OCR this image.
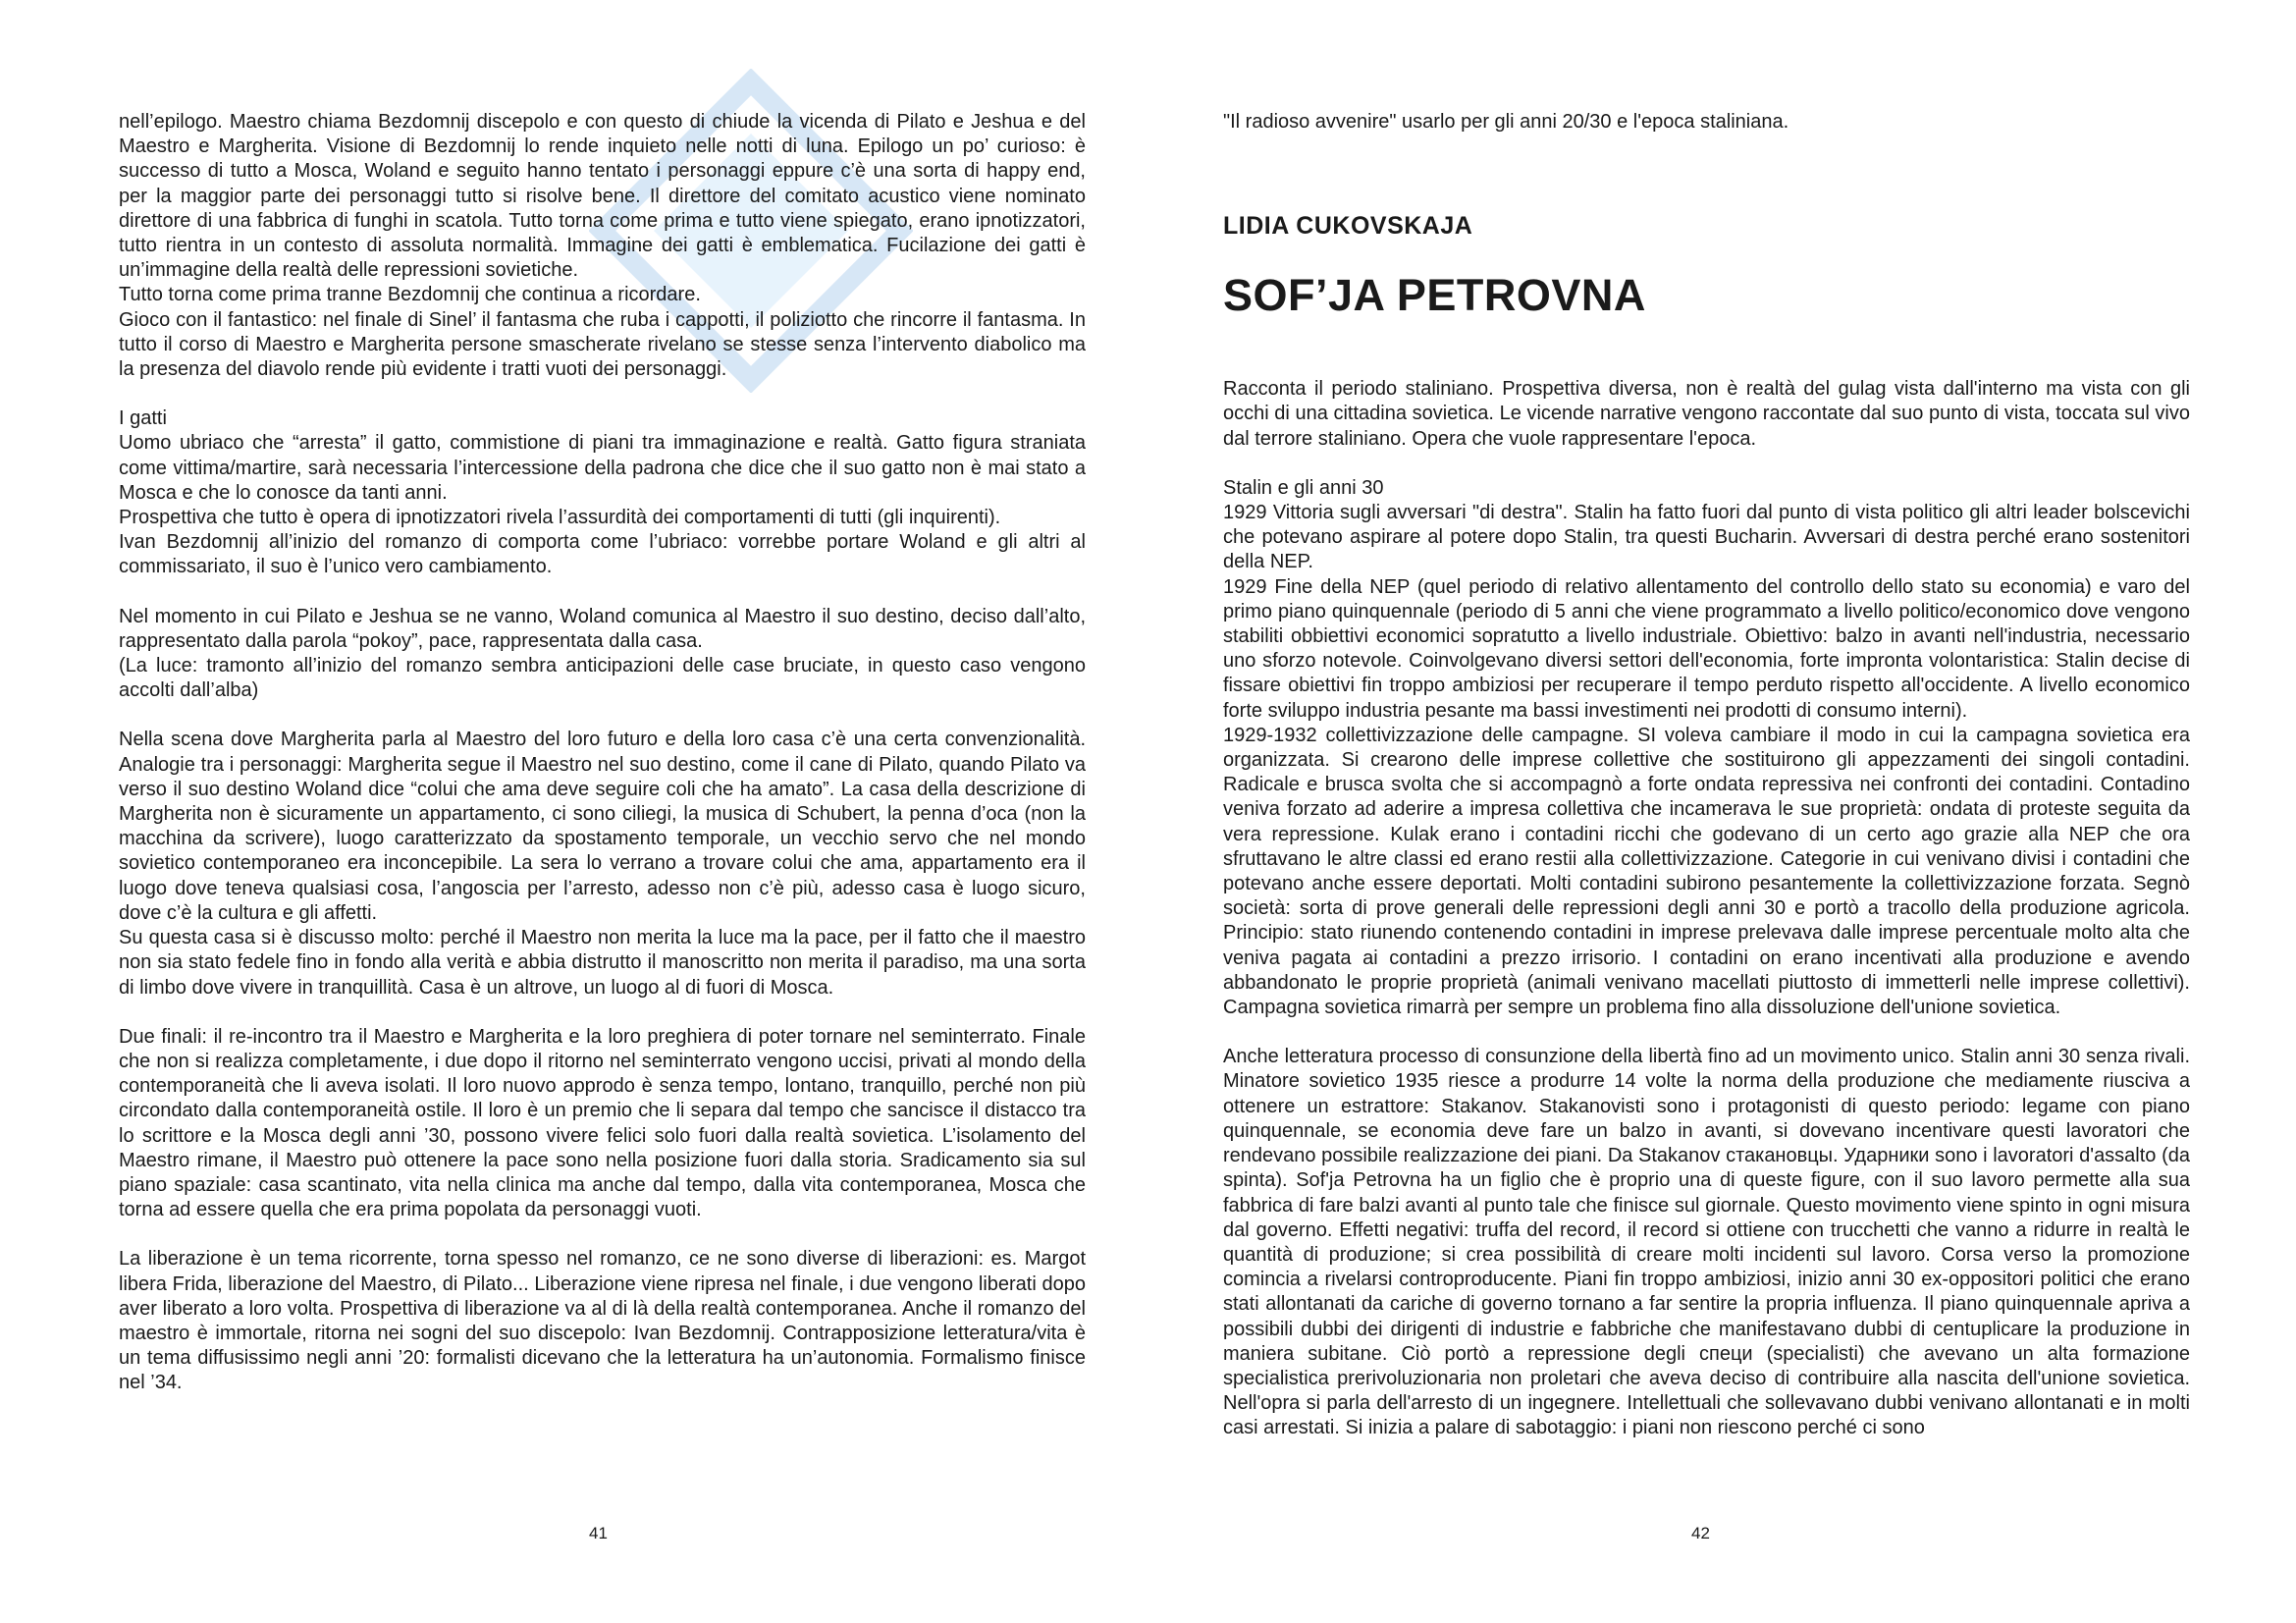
nell’epilogo. Maestro chiama Bezdomnij discepolo e con questo di chiude la vicenda di Pilato e Jeshua e del Maestro e Margherita. Visione di Bezdomnij lo rende inquieto nelle notti di luna. Epilogo un po’ curioso: è successo di tutto a Mosca, Woland e seguito hanno tentato i personaggi eppure c’è una sorta di happy end, per la maggior parte dei personaggi tutto si risolve bene. Il direttore del comitato acustico viene nominato direttore di una fabbrica di funghi in scatola. Tutto torna come prima e tutto viene spiegato, erano ipnotizzatori, tutto rientra in un contesto di assoluta normalità. Immagine dei gatti è emblematica. Fucilazione dei gatti è un’immagine della realtà delle repressioni sovietiche.

Tutto torna come prima tranne Bezdomnij che continua a ricordare.

Gioco con il fantastico: nel finale di Sinel’ il fantasma che ruba i cappotti, il poliziotto che rincorre il fantasma. In tutto il corso di Maestro e Margherita persone smascherate rivelano se stesse senza l’intervento diabolico ma la presenza del diavolo rende più evidente i tratti vuoti dei personaggi.

I gatti

Uomo ubriaco che “arresta” il gatto, commistione di piani tra immaginazione e realtà. Gatto figura straniata come vittima/martire, sarà necessaria l’intercessione della padrona che dice che il suo gatto non è mai stato a Mosca e che lo conosce da tanti anni.

Prospettiva che tutto è opera di ipnotizzatori rivela l’assurdità dei comportamenti di tutti (gli inquirenti).

Ivan Bezdomnij all’inizio del romanzo di comporta come l’ubriaco: vorrebbe portare Woland e gli altri al commissariato, il suo è l’unico vero cambiamento.

Nel momento in cui Pilato e Jeshua se ne vanno, Woland comunica al Maestro il suo destino, deciso dall’alto, rappresentato dalla parola “pokoy”, pace, rappresentata dalla casa.

(La luce: tramonto all’inizio del romanzo sembra anticipazioni delle case bruciate, in questo caso vengono accolti dall’alba)

Nella scena dove Margherita parla al Maestro del loro futuro e della loro casa c’è una certa convenzionalità. Analogie tra i personaggi: Margherita segue il Maestro nel suo destino, come il cane di Pilato, quando Pilato va verso il suo destino Woland dice “colui che ama deve seguire coli che ha amato”. La casa della descrizione di Margherita non è sicuramente un appartamento, ci sono ciliegi, la musica di Schubert, la penna d’oca (non la macchina da scrivere), luogo caratterizzato da spostamento temporale, un vecchio servo che nel mondo sovietico contemporaneo era inconcepibile. La sera lo verrano a trovare colui che ama, appartamento era il luogo dove teneva qualsiasi cosa, l’angoscia per l’arresto, adesso non c’è più, adesso casa è luogo sicuro, dove c’è la cultura e gli affetti.

Su questa casa si è discusso molto: perché il Maestro non merita la luce ma la pace, per il fatto che il maestro non sia stato fedele fino in fondo alla verità e abbia distrutto il manoscritto non merita il paradiso, ma una sorta di limbo dove vivere in tranquillità. Casa è un altrove, un luogo al di fuori di Mosca.

Due finali: il re-incontro tra il Maestro e Margherita e la loro preghiera di poter tornare nel seminterrato. Finale che non si realizza completamente, i due dopo il ritorno nel seminterrato vengono uccisi, privati al mondo della contemporaneità che li aveva isolati. Il loro nuovo approdo è senza tempo, lontano, tranquillo, perché non più circondato dalla contemporaneità ostile. Il loro è un premio che li separa dal tempo che sancisce il distacco tra lo scrittore e la Mosca degli anni ’30, possono vivere felici solo fuori dalla realtà sovietica. L’isolamento del Maestro rimane, il Maestro può ottenere la pace sono nella posizione fuori dalla storia. Sradicamento sia sul piano spaziale: casa scantinato, vita nella clinica ma anche dal tempo, dalla vita contemporanea, Mosca che torna ad essere quella che era prima popolata da personaggi vuoti.

La liberazione è un tema ricorrente, torna spesso nel romanzo, ce ne sono diverse di liberazioni: es. Margot libera Frida, liberazione del Maestro, di Pilato... Liberazione viene ripresa nel finale, i due vengono liberati dopo aver liberato a loro volta. Prospettiva di liberazione va al di là della realtà contemporanea. Anche il romanzo del maestro è immortale, ritorna nei sogni del suo discepolo: Ivan Bezdomnij. Contrapposizione letteratura/vita è un tema diffusissimo negli anni ’20: formalisti dicevano che la letteratura ha un’autonomia. Formalismo finisce nel ’34.

41

"Il radioso avvenire" usarlo per gli anni 20/30 e l'epoca staliniana.

LIDIA CUKOVSKAJA
SOF’JA PETROVNA

Racconta il periodo staliniano. Prospettiva diversa, non è realtà del gulag vista dall'interno ma vista con gli occhi di una cittadina sovietica. Le vicende narrative vengono raccontate dal suo punto di vista, toccata sul vivo dal terrore staliniano. Opera che vuole rappresentare l'epoca.

Stalin e gli anni 30

1929 Vittoria sugli avversari "di destra". Stalin ha fatto fuori dal punto di vista politico gli altri leader bolscevichi che potevano aspirare al potere dopo Stalin, tra questi Bucharin. Avversari di destra perché erano sostenitori della NEP.

1929 Fine della NEP (quel periodo di relativo allentamento del controllo dello stato su economia) e varo del primo piano quinquennale (periodo di 5 anni che viene programmato a livello politico/economico dove vengono stabiliti obbiettivi economici sopratutto a livello industriale. Obiettivo: balzo in avanti nell'industria, necessario uno sforzo notevole. Coinvolgevano diversi settori dell'economia, forte impronta volontaristica: Stalin decise di fissare obiettivi fin troppo ambiziosi per recuperare il tempo perduto rispetto all'occidente. A livello economico forte sviluppo industria pesante ma bassi investimenti nei prodotti di consumo interni).

1929-1932 collettivizzazione delle campagne. SI voleva cambiare il modo in cui la campagna sovietica era organizzata. Si crearono delle imprese collettive che sostituirono gli appezzamenti dei singoli contadini. Radicale e brusca svolta che si accompagnò a forte ondata repressiva nei confronti dei contadini. Contadino veniva forzato ad aderire a impresa collettiva che incamerava le sue proprietà: ondata di proteste seguita da vera repressione. Kulak erano i contadini ricchi che godevano di un certo ago grazie alla NEP che ora sfruttavano le altre classi ed erano restii alla collettivizzazione. Categorie in cui venivano divisi i contadini che potevano anche essere deportati. Molti contadini subirono pesantemente la collettivizzazione forzata. Segnò società: sorta di prove generali delle repressioni degli anni 30 e portò a tracollo della produzione agricola. Principio: stato riunendo contenendo contadini in imprese prelevava dalle imprese percentuale molto alta che veniva pagata ai contadini a prezzo irrisorio. I contadini on erano incentivati alla produzione e avendo abbandonato le proprie proprietà (animali venivano macellati piuttosto di immetterli nelle imprese collettivi). Campagna sovietica rimarrà per sempre un problema fino alla dissoluzione dell'unione sovietica.

Anche letteratura processo di consunzione della libertà fino ad un movimento unico. Stalin anni 30 senza rivali. Minatore sovietico 1935 riesce a produrre 14 volte la norma della produzione che mediamente riusciva a ottenere un estrattore: Stakanov. Stakanovisti sono i protagonisti di questo periodo: legame con piano quinquennale, se economia deve fare un balzo in avanti, si dovevano incentivare questi lavoratori che rendevano possibile realizzazione dei piani. Da Stakanov стакановцы. Ударники sono i lavoratori d'assalto (da spinta). Sof'ja Petrovna ha un figlio che è proprio una di queste figure, con il suo lavoro permette alla sua fabbrica di fare balzi avanti al punto tale che finisce sul giornale. Questo movimento viene spinto in ogni misura dal governo. Effetti negativi: truffa del record, il record si ottiene con trucchetti che vanno a ridurre in realtà le quantità di produzione; si crea possibilità di creare molti incidenti sul lavoro. Corsa verso la promozione comincia a rivelarsi controproducente. Piani fin troppo ambiziosi, inizio anni 30 ex-oppositori politici che erano stati allontanati da cariche di governo tornano a far sentire la propria influenza. Il piano quinquennale apriva a possibili dubbi dei dirigenti di industrie e fabbriche che manifestavano dubbi di centuplicare la produzione in maniera subitane. Ciò portò a repressione degli специ (specialisti) che avevano un alta formazione specialistica prerivoluzionaria non proletari che aveva deciso di contribuire alla nascita dell'unione sovietica. Nell'opra si parla dell'arresto di un ingegnere. Intellettuali che sollevavano dubbi venivano allontanati e in molti casi arrestati. Si inizia a palare di sabotaggio: i piani non riescono perché ci sono

42
